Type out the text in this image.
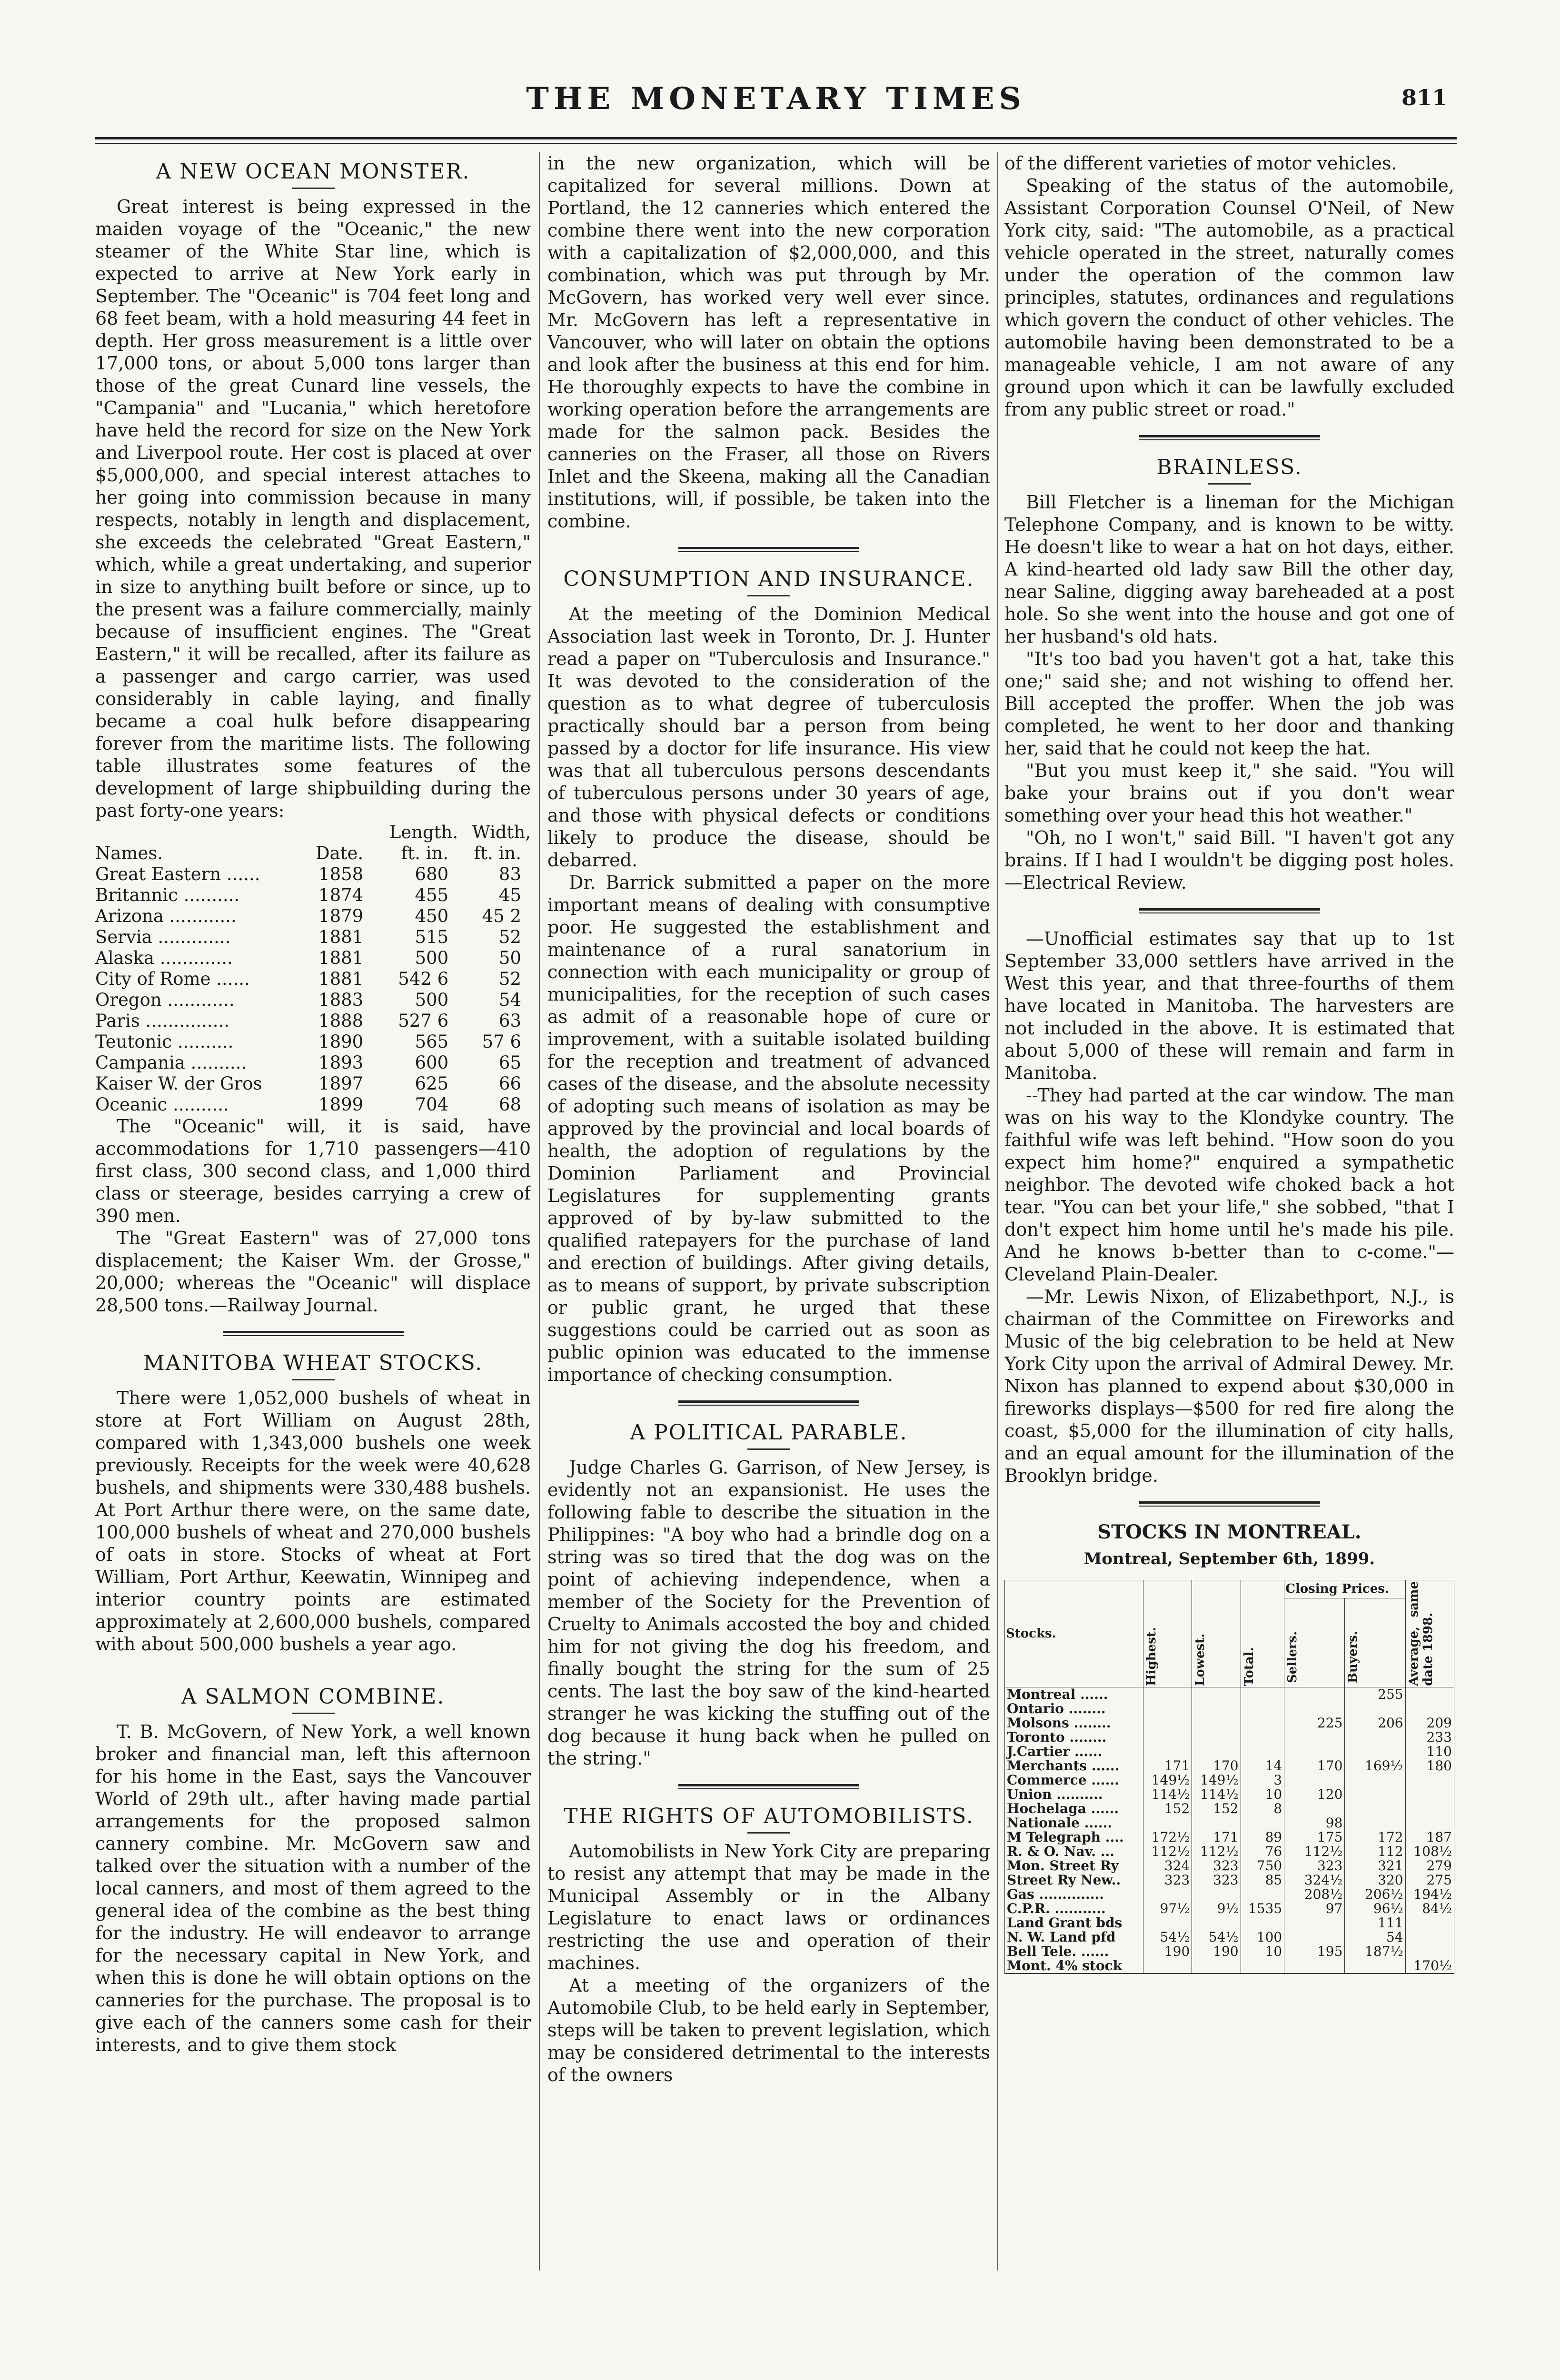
THE MONETARY TIMES	811
A NEW OCEAN MONSTER.

Great interest is being expressed in the maiden voyage of the "Oceanic," the new steamer of the White Star line, which is expected to arrive at New York early in September. The "Oceanic" is 704 feet long and 68 feet beam, with a hold measuring 44 feet in depth. Her gross measurement is a little over 17,000 tons, or about 5,000 tons larger than those of the great Cunard line vessels, the "Campania" and "Lucania," which heretofore have held the record for size on the New York and Liverpool route. Her cost is placed at over $5,000,000, and special interest attaches to her going into commission because in many respects, notably in length and displacement, she exceeds the celebrated "Great Eastern," which, while a great undertaking, and superior in size to anything built before or since, up to the present was a failure commercially, mainly because of insufficient engines. The "Great Eastern," it will be recalled, after its failure as a passenger and cargo carrier, was used considerably in cable laying, and finally became a coal hulk before disappearing forever from the maritime lists. The following table illustrates some features of the development of large shipbuilding during the past forty-one years:

		Length.	Width,
Names.	Date.	ft. in.	ft. in.
Great Eastern ......	1858	680	83
Britannic ..........	1874	455	45
Arizona ............	1879	450	45 2
Servia .............	1881	515	52
Alaska .............	1881	500	50
City of Rome ......	1881	542 6	52
Oregon ............	1883	500	54
Paris ...............	1888	527 6	63
Teutonic ..........	1890	565	57 6
Campania ..........	1893	600	65
Kaiser W. der Gros	1897	625	66
Oceanic ..........	1899	704	68

The "Oceanic" will, it is said, have accommodations for 1,710 passengers—410 first class, 300 second class, and 1,000 third class or steerage, besides carrying a crew of 390 men.

The "Great Eastern" was of 27,000 tons displacement; the Kaiser Wm. der Grosse," 20,000; whereas the "Oceanic" will displace 28,500 tons.—Railway Journal.

MANITOBA WHEAT STOCKS.

There were 1,052,000 bushels of wheat in store at Fort William on August 28th, compared with 1,343,000 bushels one week previously. Receipts for the week were 40,628 bushels, and shipments were 330,488 bushels. At Port Arthur there were, on the same date, 100,000 bushels of wheat and 270,000 bushels of oats in store. Stocks of wheat at Fort William, Port Arthur, Keewatin, Winnipeg and interior country points are estimated approximately at 2,600,000 bushels, compared with about 500,000 bushels a year ago.

A SALMON COMBINE.

T. B. McGovern, of New York, a well known broker and financial man, left this afternoon for his home in the East, says the Vancouver World of 29th ult., after having made partial arrangements for the proposed salmon cannery combine. Mr. McGovern saw and talked over the situation with a number of the local canners, and most of them agreed to the general idea of the combine as the best thing for the industry. He will endeavor to arrange for the necessary capital in New York, and when this is done he will obtain options on the canneries for the purchase. The proposal is to give each of the canners some cash for their interests, and to give them stock

in the new organization, which will be capitalized for several millions. Down at Portland, the 12 canneries which entered the combine there went into the new corporation with a capitalization of $2,000,000, and this combination, which was put through by Mr. McGovern, has worked very well ever since. Mr. McGovern has left a representative in Vancouver, who will later on obtain the options and look after the business at this end for him. He thoroughly expects to have the combine in working operation before the arrangements are made for the salmon pack. Besides the canneries on the Fraser, all those on Rivers Inlet and the Skeena, making all the Canadian institutions, will, if possible, be taken into the combine.

CONSUMPTION AND INSURANCE.

At the meeting of the Dominion Medical Association last week in Toronto, Dr. J. Hunter read a paper on "Tuberculosis and Insurance." It was devoted to the consideration of the question as to what degree of tuberculosis practically should bar a person from being passed by a doctor for life insurance. His view was that all tuberculous persons descendants of tuberculous persons under 30 years of age, and those with physical defects or conditions likely to produce the disease, should be debarred.

Dr. Barrick submitted a paper on the more important means of dealing with consumptive poor. He suggested the establishment and maintenance of a rural sanatorium in connection with each municipality or group of municipalities, for the reception of such cases as admit of a reasonable hope of cure or improvement, with a suitable isolated building for the reception and treatment of advanced cases of the disease, and the absolute necessity of adopting such means of isolation as may be approved by the provincial and local boards of health, the adoption of regulations by the Dominion Parliament and Provincial Legislatures for supplementing grants approved of by by-law submitted to the qualified ratepayers for the purchase of land and erection of buildings. After giving details, as to means of support, by private subscription or public grant, he urged that these suggestions could be carried out as soon as public opinion was educated to the immense importance of checking consumption.

A POLITICAL PARABLE.

Judge Charles G. Garrison, of New Jersey, is evidently not an expansionist. He uses the following fable to describe the situation in the Philippines: "A boy who had a brindle dog on a string was so tired that the dog was on the point of achieving independence, when a member of the Society for the Prevention of Cruelty to Animals accosted the boy and chided him for not giving the dog his freedom, and finally bought the string for the sum of 25 cents. The last the boy saw of the kind-hearted stranger he was kicking the stuffing out of the dog because it hung back when he pulled on the string."

THE RIGHTS OF AUTOMOBILISTS.

Automobilists in New York City are preparing to resist any attempt that may be made in the Municipal Assembly or in the Albany Legislature to enact laws or ordinances restricting the use and operation of their machines.

At a meeting of the organizers of the Automobile Club, to be held early in September, steps will be taken to prevent legislation, which may be considered detrimental to the interests of the owners

of the different varieties of motor vehicles.

Speaking of the status of the automobile, Assistant Corporation Counsel O'Neil, of New York city, said: "The automobile, as a practical vehicle operated in the street, naturally comes under the operation of the common law principles, statutes, ordinances and regulations which govern the conduct of other vehicles. The automobile having been demonstrated to be a manageable vehicle, I am not aware of any ground upon which it can be lawfully excluded from any public street or road."

BRAINLESS.

Bill Fletcher is a lineman for the Michigan Telephone Company, and is known to be witty. He doesn't like to wear a hat on hot days, either. A kind-hearted old lady saw Bill the other day, near Saline, digging away bareheaded at a post hole. So she went into the house and got one of her husband's old hats.

"It's too bad you haven't got a hat, take this one;" said she; and not wishing to offend her. Bill accepted the proffer. When the job was completed, he went to her door and thanking her, said that he could not keep the hat.

"But you must keep it," she said. "You will bake your brains out if you don't wear something over your head this hot weather."

"Oh, no I won't," said Bill. "I haven't got any brains. If I had I wouldn't be digging post holes.—Electrical Review.

—Unofficial estimates say that up to 1st September 33,000 settlers have arrived in the West this year, and that three-fourths of them have located in Manitoba. The harvesters are not included in the above. It is estimated that about 5,000 of these will remain and farm in Manitoba.

--They had parted at the car window. The man was on his way to the Klondyke country. The faithful wife was left behind. "How soon do you expect him home?" enquired a sympathetic neighbor. The devoted wife choked back a hot tear. "You can bet your life," she sobbed, "that I don't expect him home until he's made his pile. And he knows b-better than to c-come."—Cleveland Plain-Dealer.

—Mr. Lewis Nixon, of Elizabethport, N.J., is chairman of the Committee on Fireworks and Music of the big celebration to be held at New York City upon the arrival of Admiral Dewey. Mr. Nixon has planned to expend about $30,000 in fireworks displays—$500 for red fire along the coast, $5,000 for the illumination of city halls, and an equal amount for the illumination of the Brooklyn bridge.

STOCKS IN MONTREAL.
Montreal, September 6th, 1899.
Stocks.	Highest.	Lowest.	Total.	Closing Prices.		Average, same date 1898.

				Sellers.	Buyers.	

Montreal ......					255	
Ontario ........						
Molsons ........				225	206	209
Toronto ........						233
J.Cartier ......						110
Merchants ......	171	170	14	170	169½	180
Commerce ......	149½	149½	3			
Union ..........	114½	114½	10	120		
Hochelaga ......	152	152	8			
Nationale ......				98		
M Telegraph ....	172½	171	89	175	172	187
R. & O. Nav. ...	112½	112½	76	112½	112	108½
Mon. Street Ry	324	323	750	323	321	279
Street Ry New..	323	323	85	324½	320	275
Gas ..............				208½	206½	194½
C.P.R. ...........	97½	9½	1535	97	96½	84½
Land Grant bds					111	
N. W. Land pfd	54½	54½	100		54	
Bell Tele. ......	190	190	10	195	187½	
Mont. 4% stock						170½
